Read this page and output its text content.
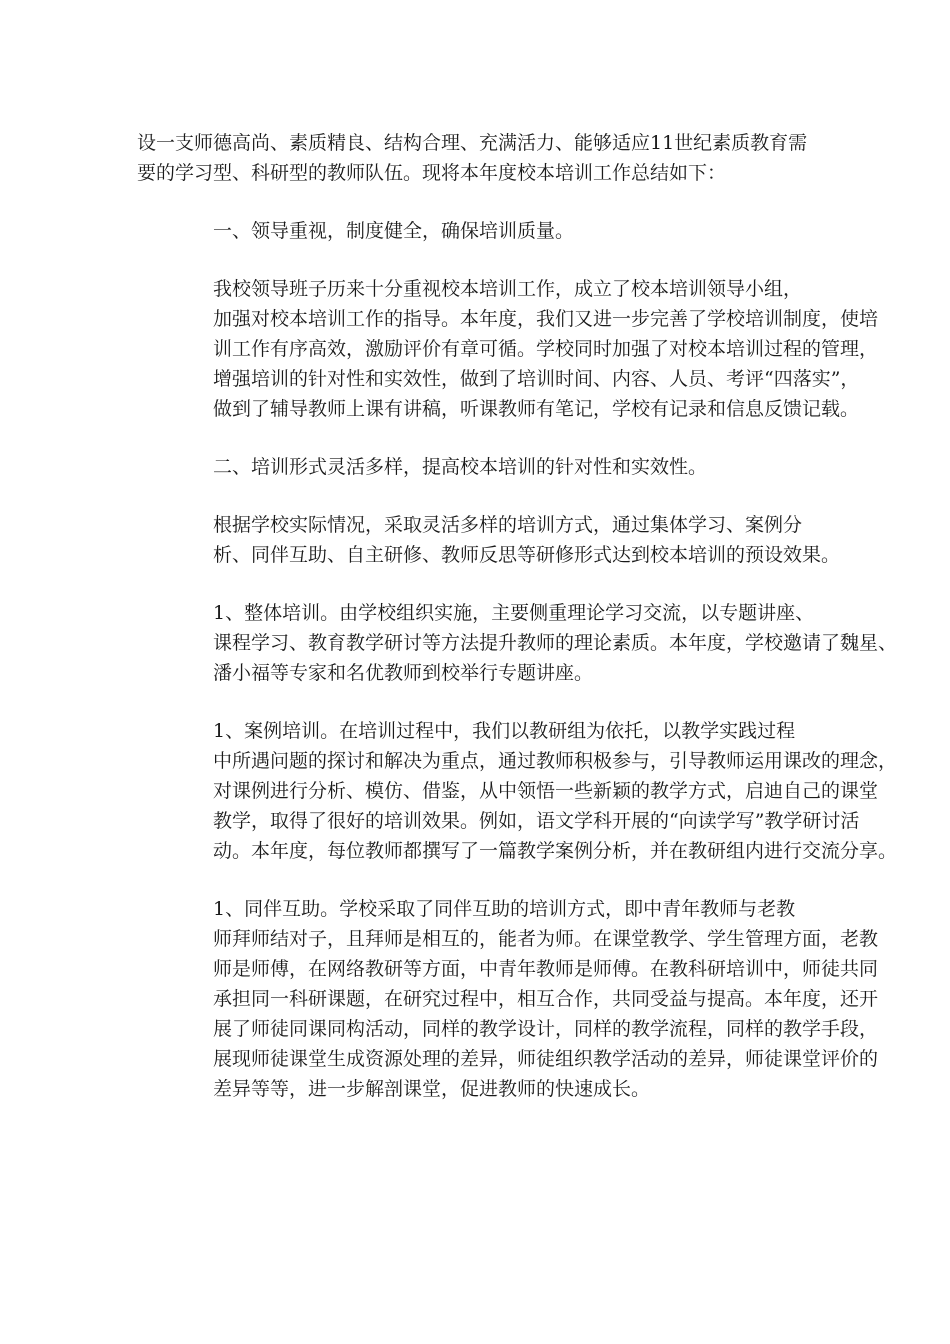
设一支师德高尚、素质精良、结构合理、充满活力、能够适应11世纪素质教育需
要的学习型、科研型的教师队伍。现将本年度校本培训工作总结如下：

一、领导重视，制度健全，确保培训质量。

我校领导班子历来十分重视校本培训工作，成立了校本培训领导小组，
加强对校本培训工作的指导。本年度，我们又进一步完善了学校培训制度，使培
训工作有序高效，激励评价有章可循。学校同时加强了对校本培训过程的管理，
增强培训的针对性和实效性，做到了培训时间、内容、人员、考评“四落实”，
做到了辅导教师上课有讲稿，听课教师有笔记，学校有记录和信息反馈记载。

二、培训形式灵活多样，提高校本培训的针对性和实效性。

根据学校实际情况，采取灵活多样的培训方式，通过集体学习、案例分
析、同伴互助、自主研修、教师反思等研修形式达到校本培训的预设效果。

1、整体培训。由学校组织实施，主要侧重理论学习交流，以专题讲座、
课程学习、教育教学研讨等方法提升教师的理论素质。本年度，学校邀请了魏星、
潘小福等专家和名优教师到校举行专题讲座。

1、案例培训。在培训过程中，我们以教研组为依托，以教学实践过程
中所遇问题的探讨和解决为重点，通过教师积极参与，引导教师运用课改的理念，
对课例进行分析、模仿、借鉴，从中领悟一些新颖的教学方式，启迪自己的课堂
教学，取得了很好的培训效果。例如，语文学科开展的“向读学写”教学研讨活
动。本年度，每位教师都撰写了一篇教学案例分析，并在教研组内进行交流分享。

1、同伴互助。学校采取了同伴互助的培训方式，即中青年教师与老教
师拜师结对子，且拜师是相互的，能者为师。在课堂教学、学生管理方面，老教
师是师傅，在网络教研等方面，中青年教师是师傅。在教科研培训中，师徒共同
承担同一科研课题，在研究过程中，相互合作，共同受益与提高。本年度，还开
展了师徒同课同构活动，同样的教学设计，同样的教学流程，同样的教学手段，
展现师徒课堂生成资源处理的差异，师徒组织教学活动的差异，师徒课堂评价的
差异等等，进一步解剖课堂，促进教师的快速成长。
